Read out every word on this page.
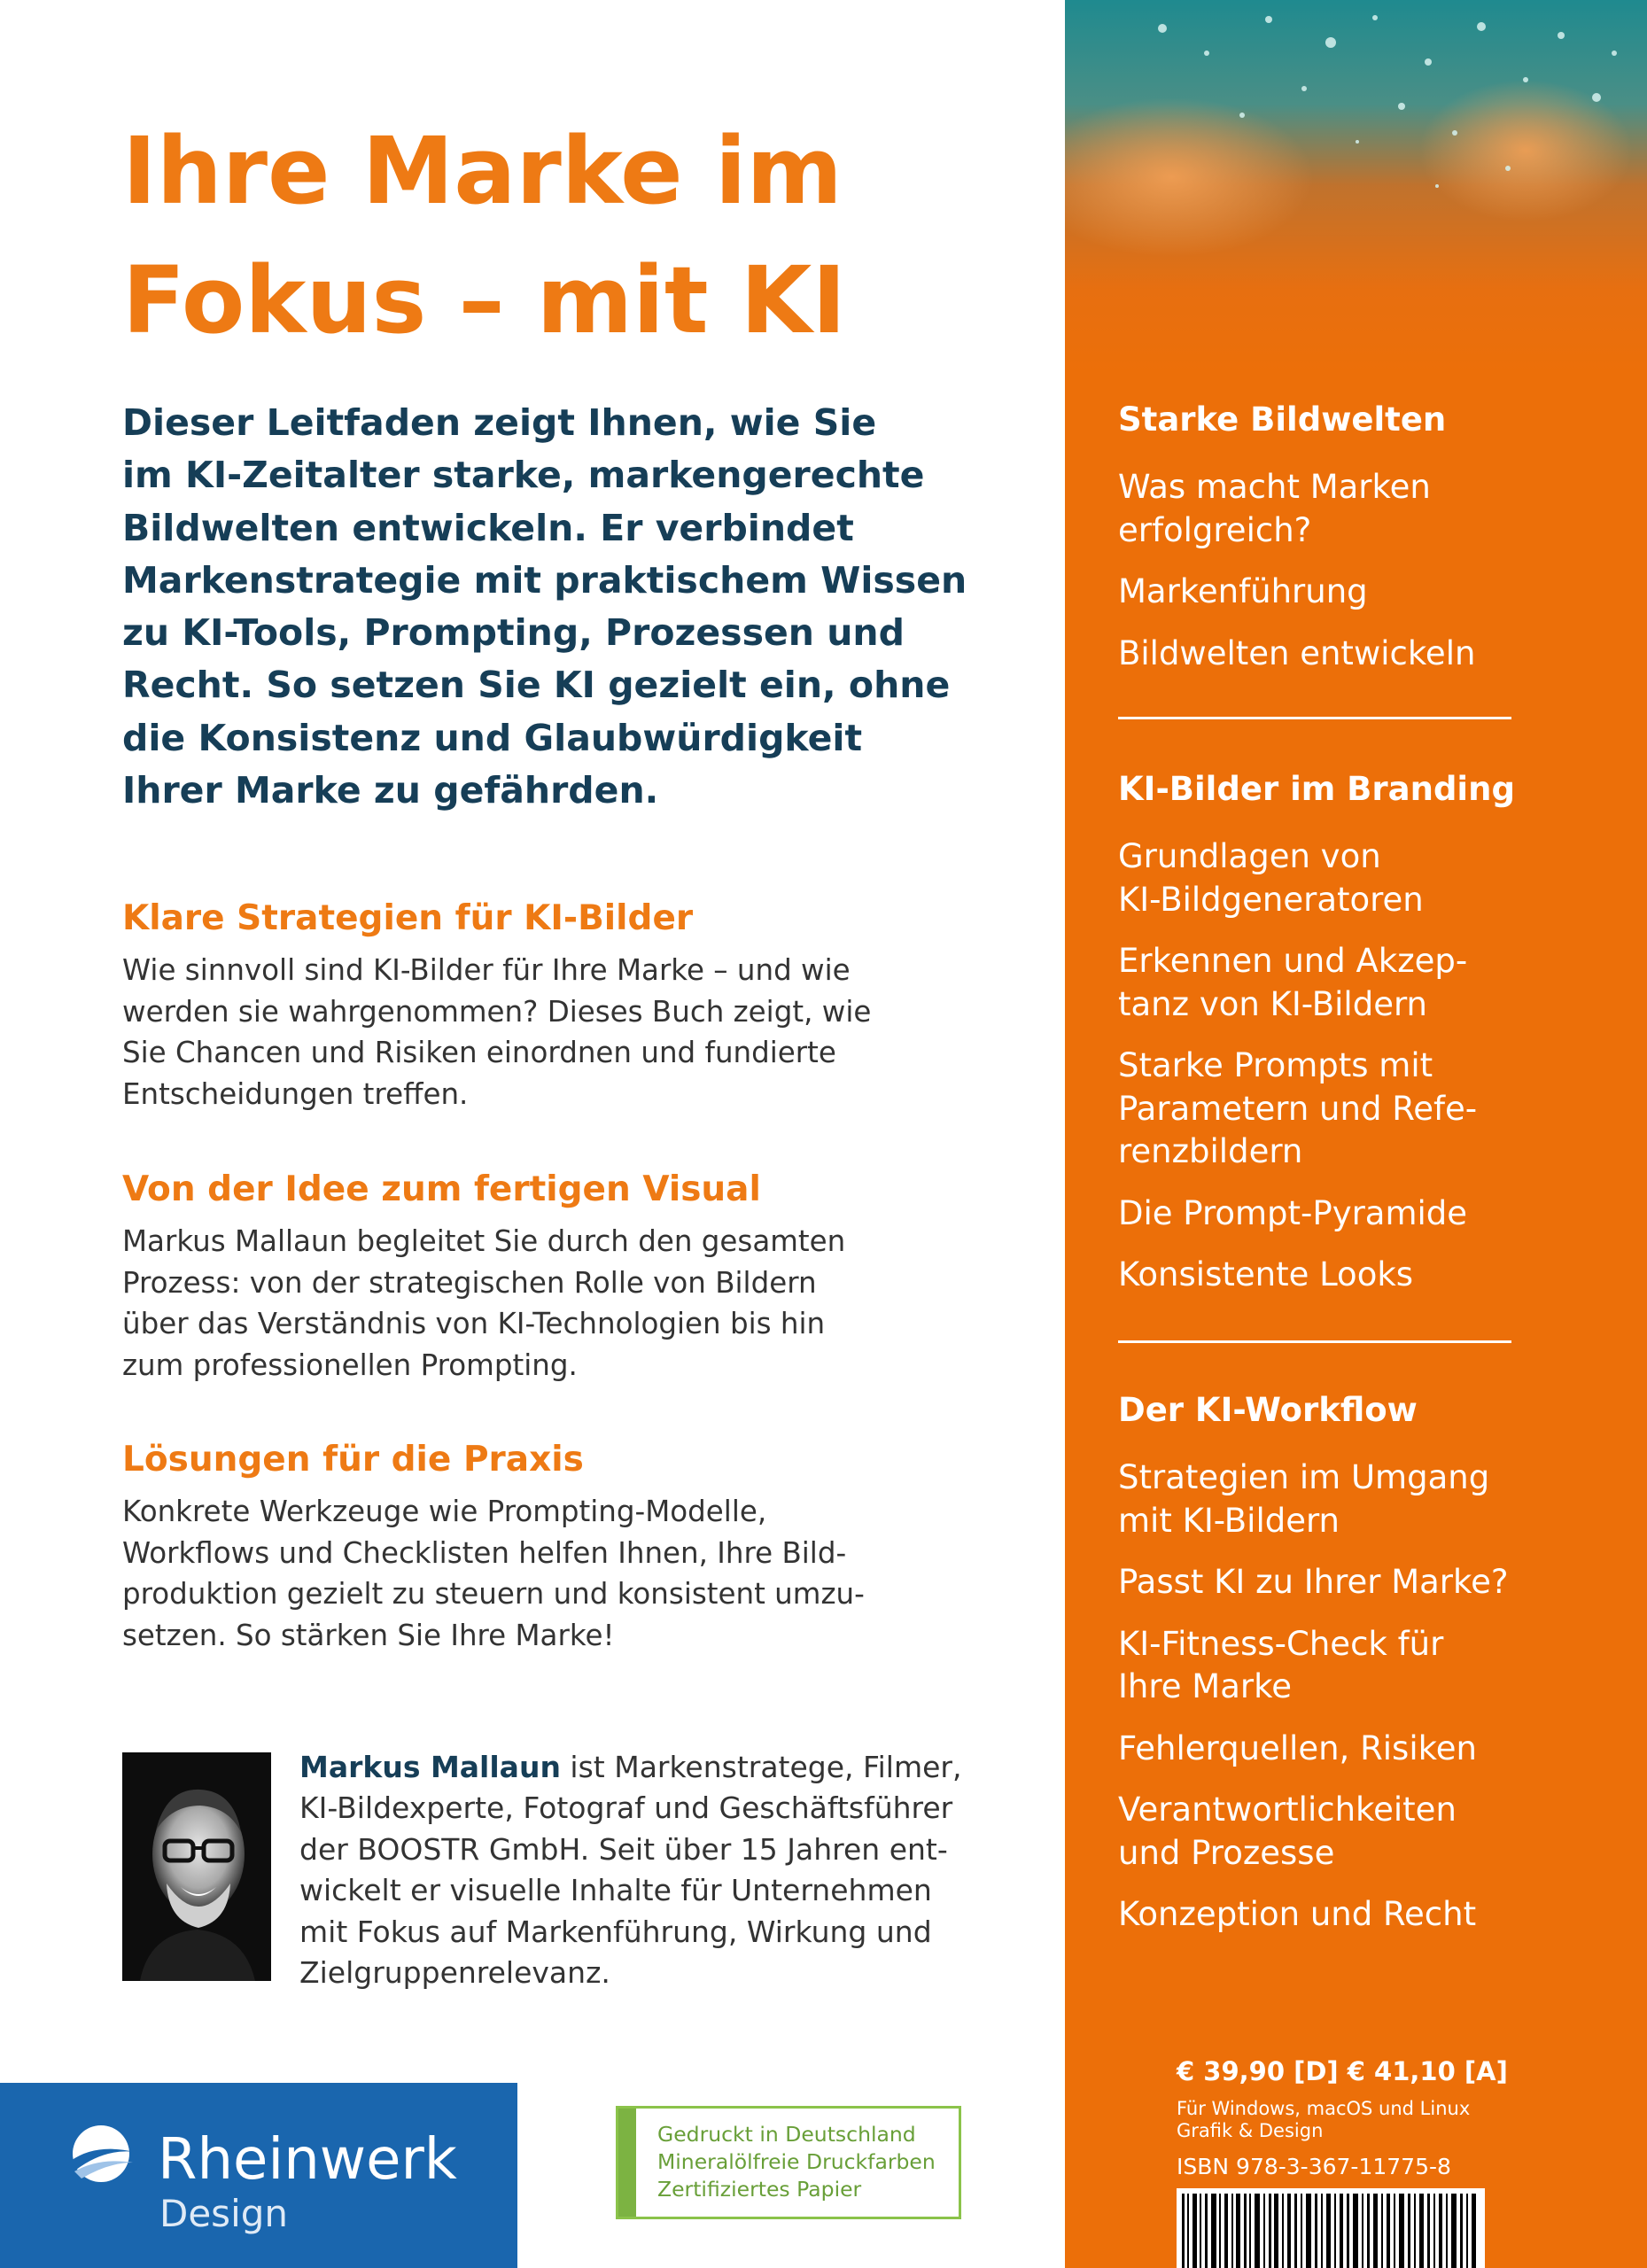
Ihre Marke im
Fokus – mit KI

Dieser Leitfaden zeigt Ihnen, wie Sie
im KI-Zeitalter starke, markengerechte
Bildwelten entwickeln. Er verbindet
Markenstrategie mit praktischem Wissen
zu KI-Tools, Prompting, Prozessen und
Recht. So setzen Sie KI gezielt ein, ohne
die Konsistenz und Glaubwürdigkeit
Ihrer Marke zu gefährden.

Klare Strategien für KI-Bilder

Wie sinnvoll sind KI-Bilder für Ihre Marke – und wie
werden sie wahrgenommen? Dieses Buch zeigt, wie
Sie Chancen und Risiken einordnen und fundierte
Entscheidungen treffen.

Von der Idee zum fertigen Visual

Markus Mallaun begleitet Sie durch den gesamten
Prozess: von der strategischen Rolle von Bildern
über das Verständnis von KI-Technologien bis hin
zum professionellen Prompting.

Lösungen für die Praxis

Konkrete Werkzeuge wie Prompting-Modelle,
Workflows und Checklisten helfen Ihnen, Ihre Bild-
produktion gezielt zu steuern und konsistent umzu-
setzen. So stärken Sie Ihre Marke!

Markus Mallaun ist Markenstratege, Filmer,
KI-Bildexperte, Fotograf und Geschäftsführer
der BOOSTR GmbH. Seit über 15 Jahren ent-
wickelt er visuelle Inhalte für Unternehmen
mit Fokus auf Markenführung, Wirkung und
Zielgruppenrelevanz.

Rheinwerk
Design
Gedruckt in Deutschland
Mineralölfreie Druckfarben
Zertifiziertes Papier
Starke Bildwelten
Was macht Marken
erfolgreich?
Markenführung
Bildwelten entwickeln
KI-Bilder im Branding
Grundlagen von
KI-Bildgeneratoren
Erkennen und Akzep-
tanz von KI-Bildern
Starke Prompts mit
Parametern und Refe-
renzbildern
Die Prompt-Pyramide
Konsistente Looks
Der KI-Workflow
Strategien im Umgang
mit KI-Bildern
Passt KI zu Ihrer Marke?
KI-Fitness-Check für
Ihre Marke
Fehlerquellen, Risiken
Verantwortlichkeiten
und Prozesse
Konzeption und Recht
€ 39,90 [D] € 41,10 [A]
Für Windows, macOS und Linux
Grafik & Design
ISBN 978-3-367-11775-8
